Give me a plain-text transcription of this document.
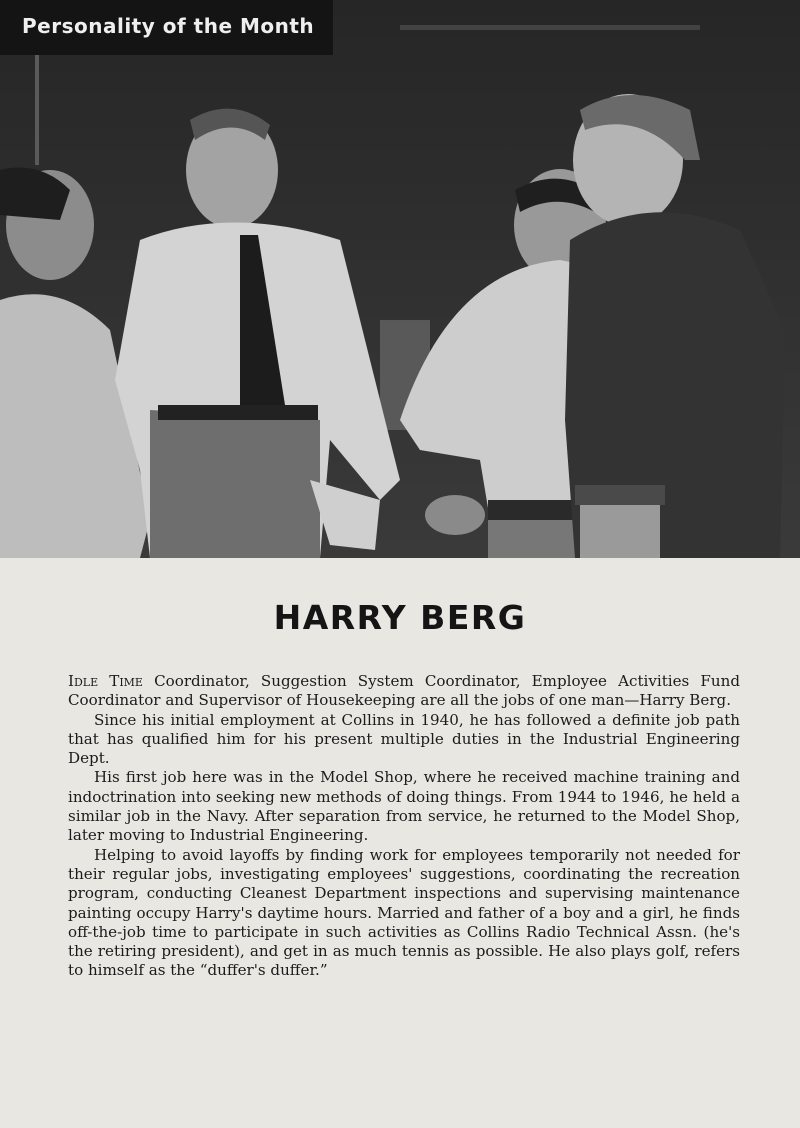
Personality of the Month
HARRY BERG

Idle Time Coordinator, Suggestion System Coordinator, Employee Activities Fund Coordinator and Supervisor of Housekeeping are all the jobs of one man—Harry Berg.

Since his initial employment at Collins in 1940, he has followed a definite job path that has qualified him for his present multiple duties in the Industrial Engineering Dept.

His first job here was in the Model Shop, where he received machine training and indoctrination into seeking new methods of doing things. From 1944 to 1946, he held a similar job in the Navy. After separation from service, he returned to the Model Shop, later moving to Industrial Engineering.

Helping to avoid layoffs by finding work for employees temporarily not needed for their regular jobs, investigating employees' suggestions, coordinating the recreation program, conducting Cleanest Department inspections and supervising maintenance painting occupy Harry's daytime hours. Married and father of a boy and a girl, he finds off-the-job time to participate in such activities as Collins Radio Technical Assn. (he's the retiring president), and get in as much tennis as possible. He also plays golf, refers to himself as the “duffer's duffer.”
